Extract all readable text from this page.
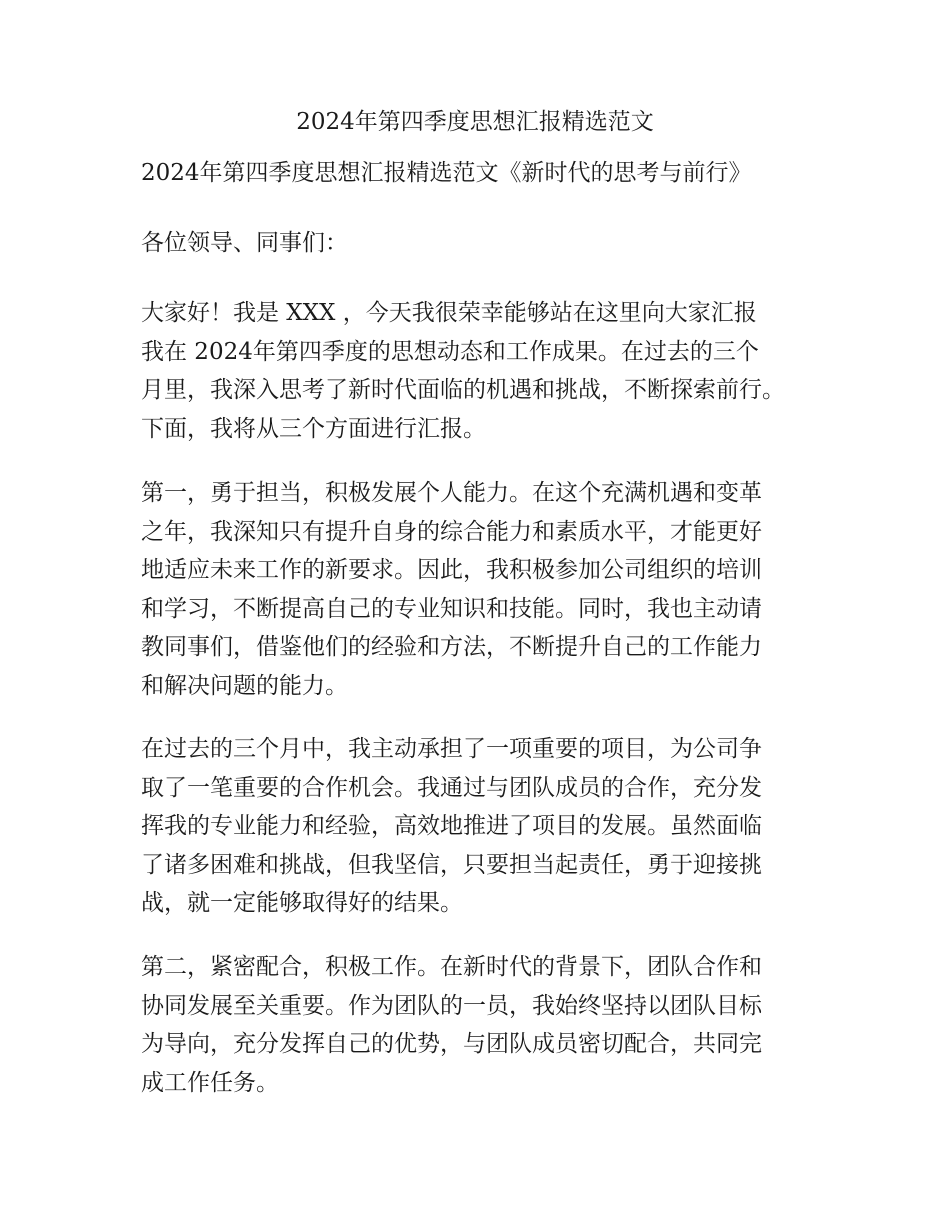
2024年第四季度思想汇报精选范文
2024年第四季度思想汇报精选范文《新时代的思考与前行》

各位领导、同事们：

大家好！我是 XXX ，今天我很荣幸能够站在这里向大家汇报
我在 2024年第四季度的思想动态和工作成果。在过去的三个
月里，我深入思考了新时代面临的机遇和挑战，不断探索前行。
下面，我将从三个方面进行汇报。

第一，勇于担当，积极发展个人能力。在这个充满机遇和变革
之年，我深知只有提升自身的综合能力和素质水平，才能更好
地适应未来工作的新要求。因此，我积极参加公司组织的培训
和学习，不断提高自己的专业知识和技能。同时，我也主动请
教同事们，借鉴他们的经验和方法，不断提升自己的工作能力
和解决问题的能力。

在过去的三个月中，我主动承担了一项重要的项目，为公司争
取了一笔重要的合作机会。我通过与团队成员的合作，充分发
挥我的专业能力和经验，高效地推进了项目的发展。虽然面临
了诸多困难和挑战，但我坚信，只要担当起责任，勇于迎接挑
战，就一定能够取得好的结果。

第二，紧密配合，积极工作。在新时代的背景下，团队合作和
协同发展至关重要。作为团队的一员，我始终坚持以团队目标
为导向，充分发挥自己的优势，与团队成员密切配合，共同完
成工作任务。
